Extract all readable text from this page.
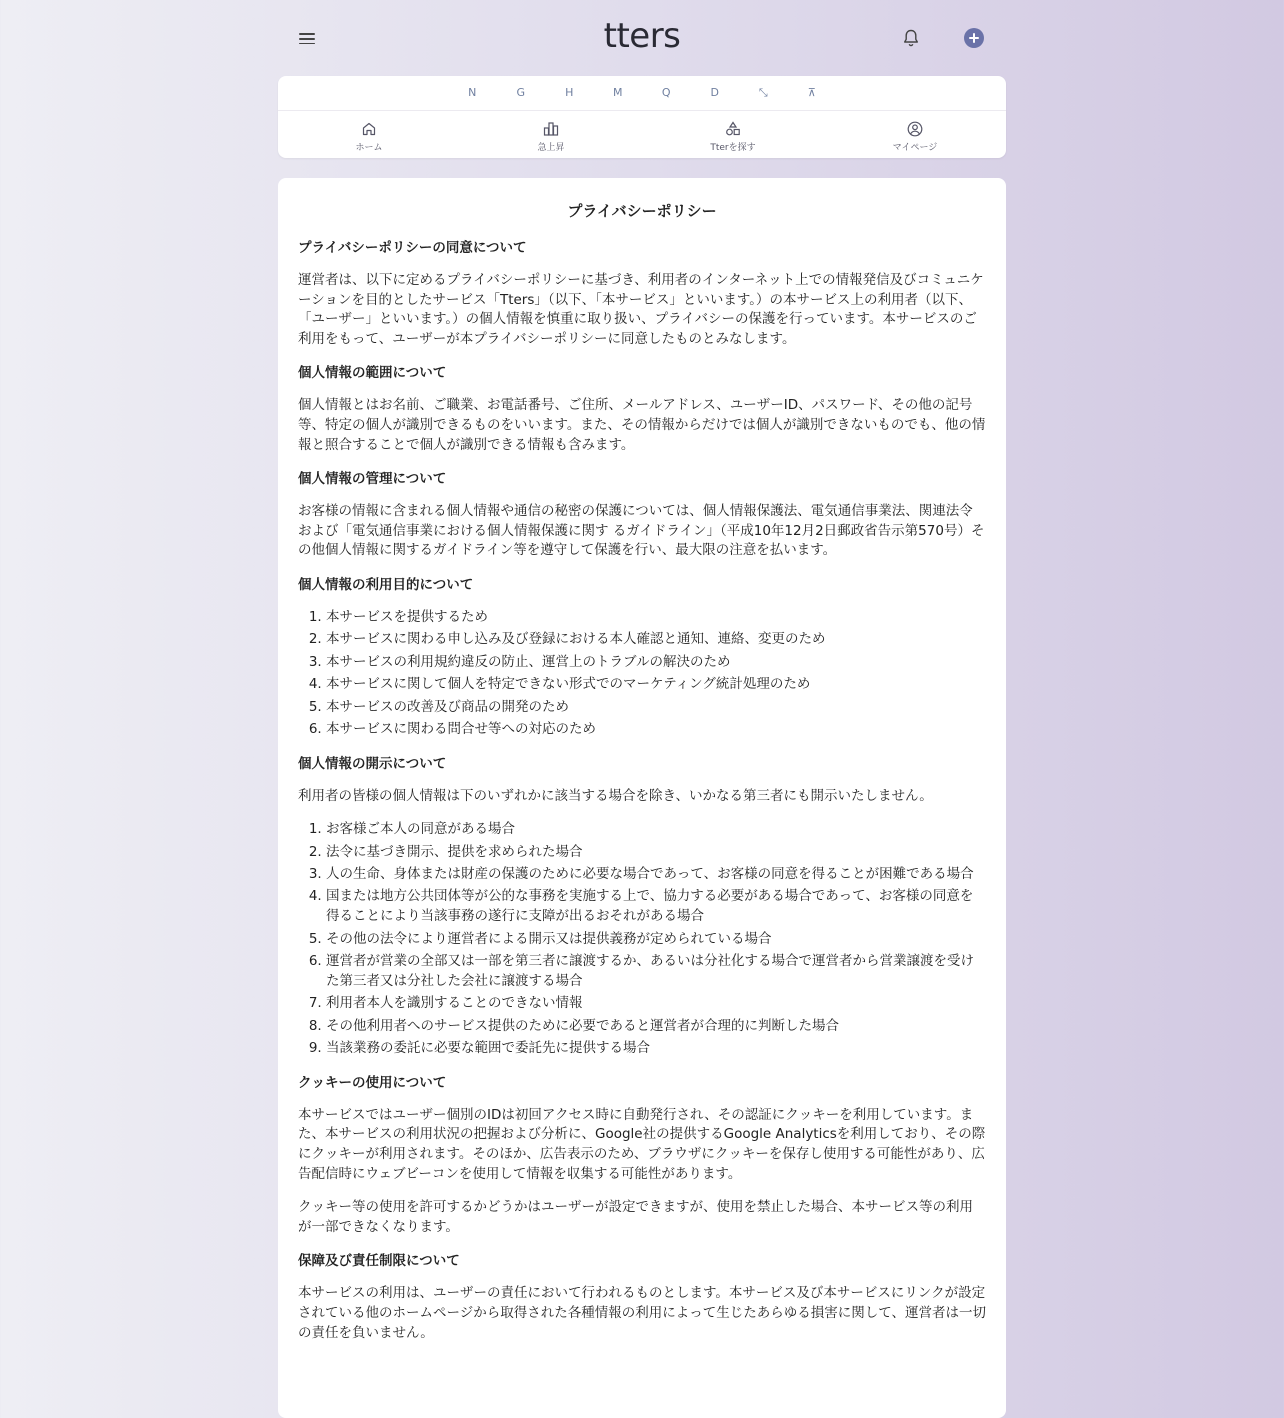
tters
N	G	H	M	Q	D	⤡	⊼
ホーム	急上昇	Tterを探す	マイページ
プライバシーポリシー
プライバシーポリシーの同意について

運営者は、以下に定めるプライバシーポリシーに基づき、利用者のインターネット上での情報発信及びコミュニケーションを目的としたサービス「Tters」（以下、「本サービス」といいます。）の本サービス上の利用者（以下、「ユーザー」といいます。）の個人情報を慎重に取り扱い、プライバシーの保護を行っています。本サービスのご利用をもって、ユーザーが本プライバシーポリシーに同意したものとみなします。

個人情報の範囲について

個人情報とはお名前、ご職業、お電話番号、ご住所、メールアドレス、ユーザーID、パスワード、その他の記号等、特定の個人が識別できるものをいいます。また、その情報からだけでは個人が識別できないものでも、他の情報と照合することで個人が識別できる情報も含みます。

個人情報の管理について

お客様の情報に含まれる個人情報や通信の秘密の保護については、個人情報保護法、電気通信事業法、関連法令および「電気通信事業における個人情報保護に関す るガイドライン」（平成10年12月2日郵政省告示第570号）その他個人情報に関するガイドライン等を遵守して保護を行い、最大限の注意を払います。

個人情報の利用目的について
1. 本サービスを提供するため
2. 本サービスに関わる申し込み及び登録における本人確認と通知、連絡、変更のため
3. 本サービスの利用規約違反の防止、運営上のトラブルの解決のため
4. 本サービスに関して個人を特定できない形式でのマーケティング統計処理のため
5. 本サービスの改善及び商品の開発のため
6. 本サービスに関わる問合せ等への対応のため
個人情報の開示について

利用者の皆様の個人情報は下のいずれかに該当する場合を除き、いかなる第三者にも開示いたしません。

1. お客様ご本人の同意がある場合
2. 法令に基づき開示、提供を求められた場合
3. 人の生命、身体または財産の保護のために必要な場合であって、お客様の同意を得ることが困難である場合
4. 国または地方公共団体等が公的な事務を実施する上で、協力する必要がある場合であって、お客様の同意を得ることにより当該事務の遂行に支障が出るおそれがある場合
5. その他の法令により運営者による開示又は提供義務が定められている場合
6. 運営者が営業の全部又は一部を第三者に譲渡するか、あるいは分社化する場合で運営者から営業譲渡を受けた第三者又は分社した会社に譲渡する場合
7. 利用者本人を識別することのできない情報
8. その他利用者へのサービス提供のために必要であると運営者が合理的に判断した場合
9. 当該業務の委託に必要な範囲で委託先に提供する場合
クッキーの使用について

本サービスではユーザー個別のIDは初回アクセス時に自動発行され、その認証にクッキーを利用しています。また、本サービスの利用状況の把握および分析に、Google社の提供するGoogle Analyticsを利用しており、その際にクッキーが利用されます。そのほか、広告表示のため、ブラウザにクッキーを保存し使用する可能性があり、広告配信時にウェブビーコンを使用して情報を収集する可能性があります。

クッキー等の使用を許可するかどうかはユーザーが設定できますが、使用を禁止した場合、本サービス等の利用が一部できなくなります。

保障及び責任制限について

本サービスの利用は、ユーザーの責任において行われるものとします。本サービス及び本サービスにリンクが設定されている他のホームページから取得された各種情報の利用によって生じたあらゆる損害に関して、運営者は一切の責任を負いません。
